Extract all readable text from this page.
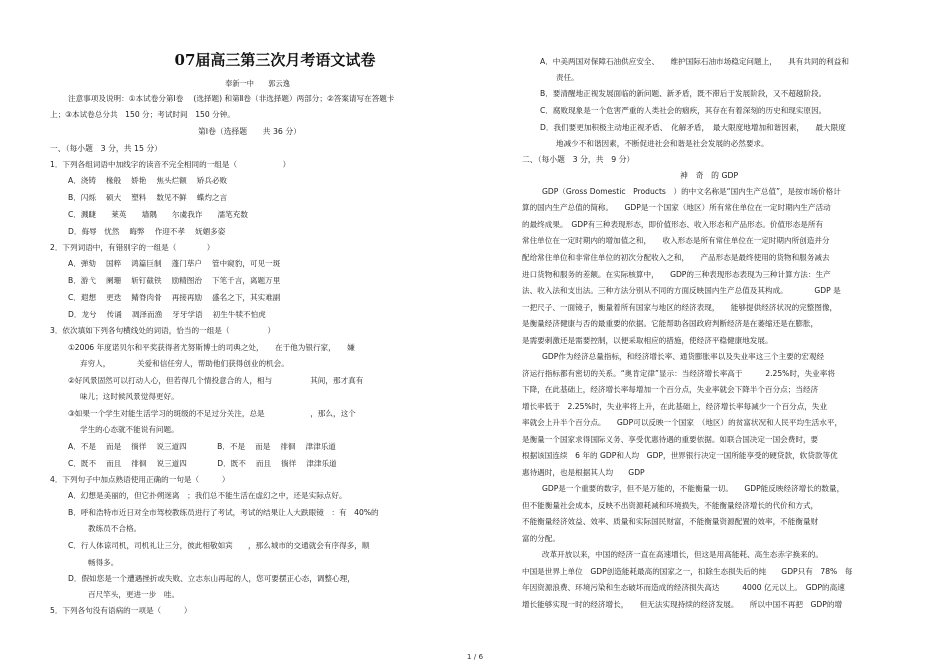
07届高三第三次月考语文试卷
奉新一中　　郭云逸
注意事项及说明：①本试卷分第Ⅰ卷　 (选择题) 和第Ⅱ卷（非选择题）两部分；②答案请写在答题卡
上；③本试卷总分共　150 分；考试时间　150 分钟。
第Ⅰ卷（选择题　　共 36 分）
一、（每小题　3 分，共 15 分）
1．下列各组词语中加线字的读音不完全相同的一组是（　　　　　　）
A．浇铸　 椽般　 娇艳　 焦头烂额　 矫兵必败
B．闪烁　 硕大　 塑料　 数见不鲜　 蝶灼之言
C．溅睫　　莱英　　墙隅　　尔虞我诈　　濡笔充数
D．侮辱　忧然　 晦弊　 作迎不孝　 妩媚多姿
2．下列词语中，有错别字的一组是（　　　　）
A．弹劾　 国粹　 鸿篇巨制　 蓬门荜户　 管中窥豹，可见一斑
B．游弋　 阑珊　 斩钉截铁　 励精图治　 下笔千言，离题万里
C．遐想　 更迭　 鲭脊肉骨　 再接再励　 盛名之下，其实难副
D．龙兮　 传诵　 凋泽而渔　 牙牙学语　 初生牛犊不怕虎
3．依次填如下列各句横线处的词语，恰当的一组是（　　　　　）
①2006 年度诺贝尔和平奖获得者尤努斯博士的司典之处，　　在于他为银行家，　　嫌
弃穷人，　　　　关爱和信任穷人，帮助他们获得创业的机会。
②好风景固然可以打动人心，但若得几个情投意合的人，相与　　　　　其间，那才真有
味儿；这时候风景觉得更好。
③如果一个学生对能生活学习的斑级的不足过分关注，总是　　　　　　，那么，这个
学生的心态就不能说有问题。
A．不是　 而是　 徜徉　 说三道四　　　　B．不是　 而是　 徘徊　 津津乐道
C．既不　 而且　 徘徊　 说三道四　　　　D．既不　 而且　 徜徉　 津津乐道
4．下列句子中加点熟语使用正确的一句是（　　　）
A．幻想是美丽的，但它扑朔迷离　；我们总不能生活在虚幻之中，还是实际点好。
B．呼和浩特市近日对全市驾校教练员进行了考试，考试的结果让人大跌眼镜　：有　40%的
教练员不合格。
C．行人体谅司机，司机礼让三分，彼此相敬如宾　　，那么城市的交通就会有序得多，顺
畅得多。
D．假如您是一个遭遇挫折或失败、立志东山再起的人，您可要摆正心态，调整心理，
百尺竿头，更进一步　哇。
5．下列各句没有语病的一项是（　　　）
A．中美两国对保障石油供应安全、　　维护国际石油市场稳定问题上，　　具有共同的利益和
责任。
B．要清醒地正视发展面临的新问题、新矛盾，既不滞后于发展阶段，又不超越阶段。
C．腐败现象是一个危害严重的人类社会的痼疾，其存在有着深刻的历史和现实原因。
D．我们要更加积极主动地正视矛盾、　化解矛盾，　最大限度地增加和谐因素，　　最大限度
地减少不和谐因素，不断促进社会和谐是社会发展的必然要求。
二、（每小题　3 分，共　9 分）
神　奇　的 GDP
GDP（Gross Domestic　Products　）的中文名称是“国内生产总值”，是按市场价格计
算的国内生产总值的简称。　　GDP是一个国家（地区）所有常住单位在一定时期内生产活动
的最终成果。　GDP有三种表现形态，即价值形态、收入形态和产品形态。价值形态是所有
常住单位在一定时期内的增加值之和，　　收入形态是所有常住单位在一定时期内所创造并分
配给常住单位和非常住单位的初次分配收入之和，　　产品形态是最终使用的货物和服务减去
进口货物和服务的差额。在实际核算中，　　GDP的三种表现形态表现为三种计算方法：生产
法、收入法和支出法。三种方法分别从不同的方面反映国内生产总值及其构成。　　　　GDP 是
一把尺子、一面镜子，衡量着所有国家与地区的经济表现，　　能够提供经济状况的完整图像，
是衡量经济健康与否的最重要的依据。它能帮助各国政府判断经济是在萎缩还是在膨胀，
是需要刺激还是需要控制，以便采取相应的措施，使经济平稳健康地发展。
GDP作为经济总量指标，和经济增长率、通货膨胀率以及失业率这三个主要的宏观经
济运行指标都有密切的关系。“奥肯定律”显示：当经济增长率高于　　　2.25%时，失业率将
下降，在此基础上，经济增长率每增加一个百分点，失业率就会下降半个百分点；当经济
增长率低于　2.25%时，失业率将上升，在此基础上，经济增长率每减少一个百分点，失业
率就会上升半个百分点。　　GDP可以反映一个国家　（地区）的贫富状况和人民平均生活水平，
是衡量一个国家求得国际义务、享受优惠待遇的重要依据。如联合国决定一国会费时，要
根据该国连续　6 年的 GDP和人均　GDP，世界银行决定一国所能享受的硬贷款，软贷款等优
惠待遇时，也是根据其人均　　GDP
GDP是一个重要的数字，但不是万能的，不能衡量一切。　　GDP能反映经济增长的数量，
但不能衡量社会成本，反映不出资源耗减和环境损失，不能衡量经济增长的代价和方式，
不能衡量经济效益、效率、质量和实际国民财富，不能衡量资源配置的效率，不能衡量财
富的分配。
改革开放以来，中国的经济一直在高速增长，但这是用高能耗、高生态赤字换来的。
中国是世界上单位　GDP创造能耗最高的国家之一，扣除生态损失后的纯　　GDP只有　78%　每
年因资源浪费、环境污染和生态破坏而造成的经济损失高达　　　4000 亿元以上。　GDP的高速
增长能够实现一时的经济增长，　　但无法实现持续的经济发展。　　所以中国不再把　GDP的增
1 / 6
